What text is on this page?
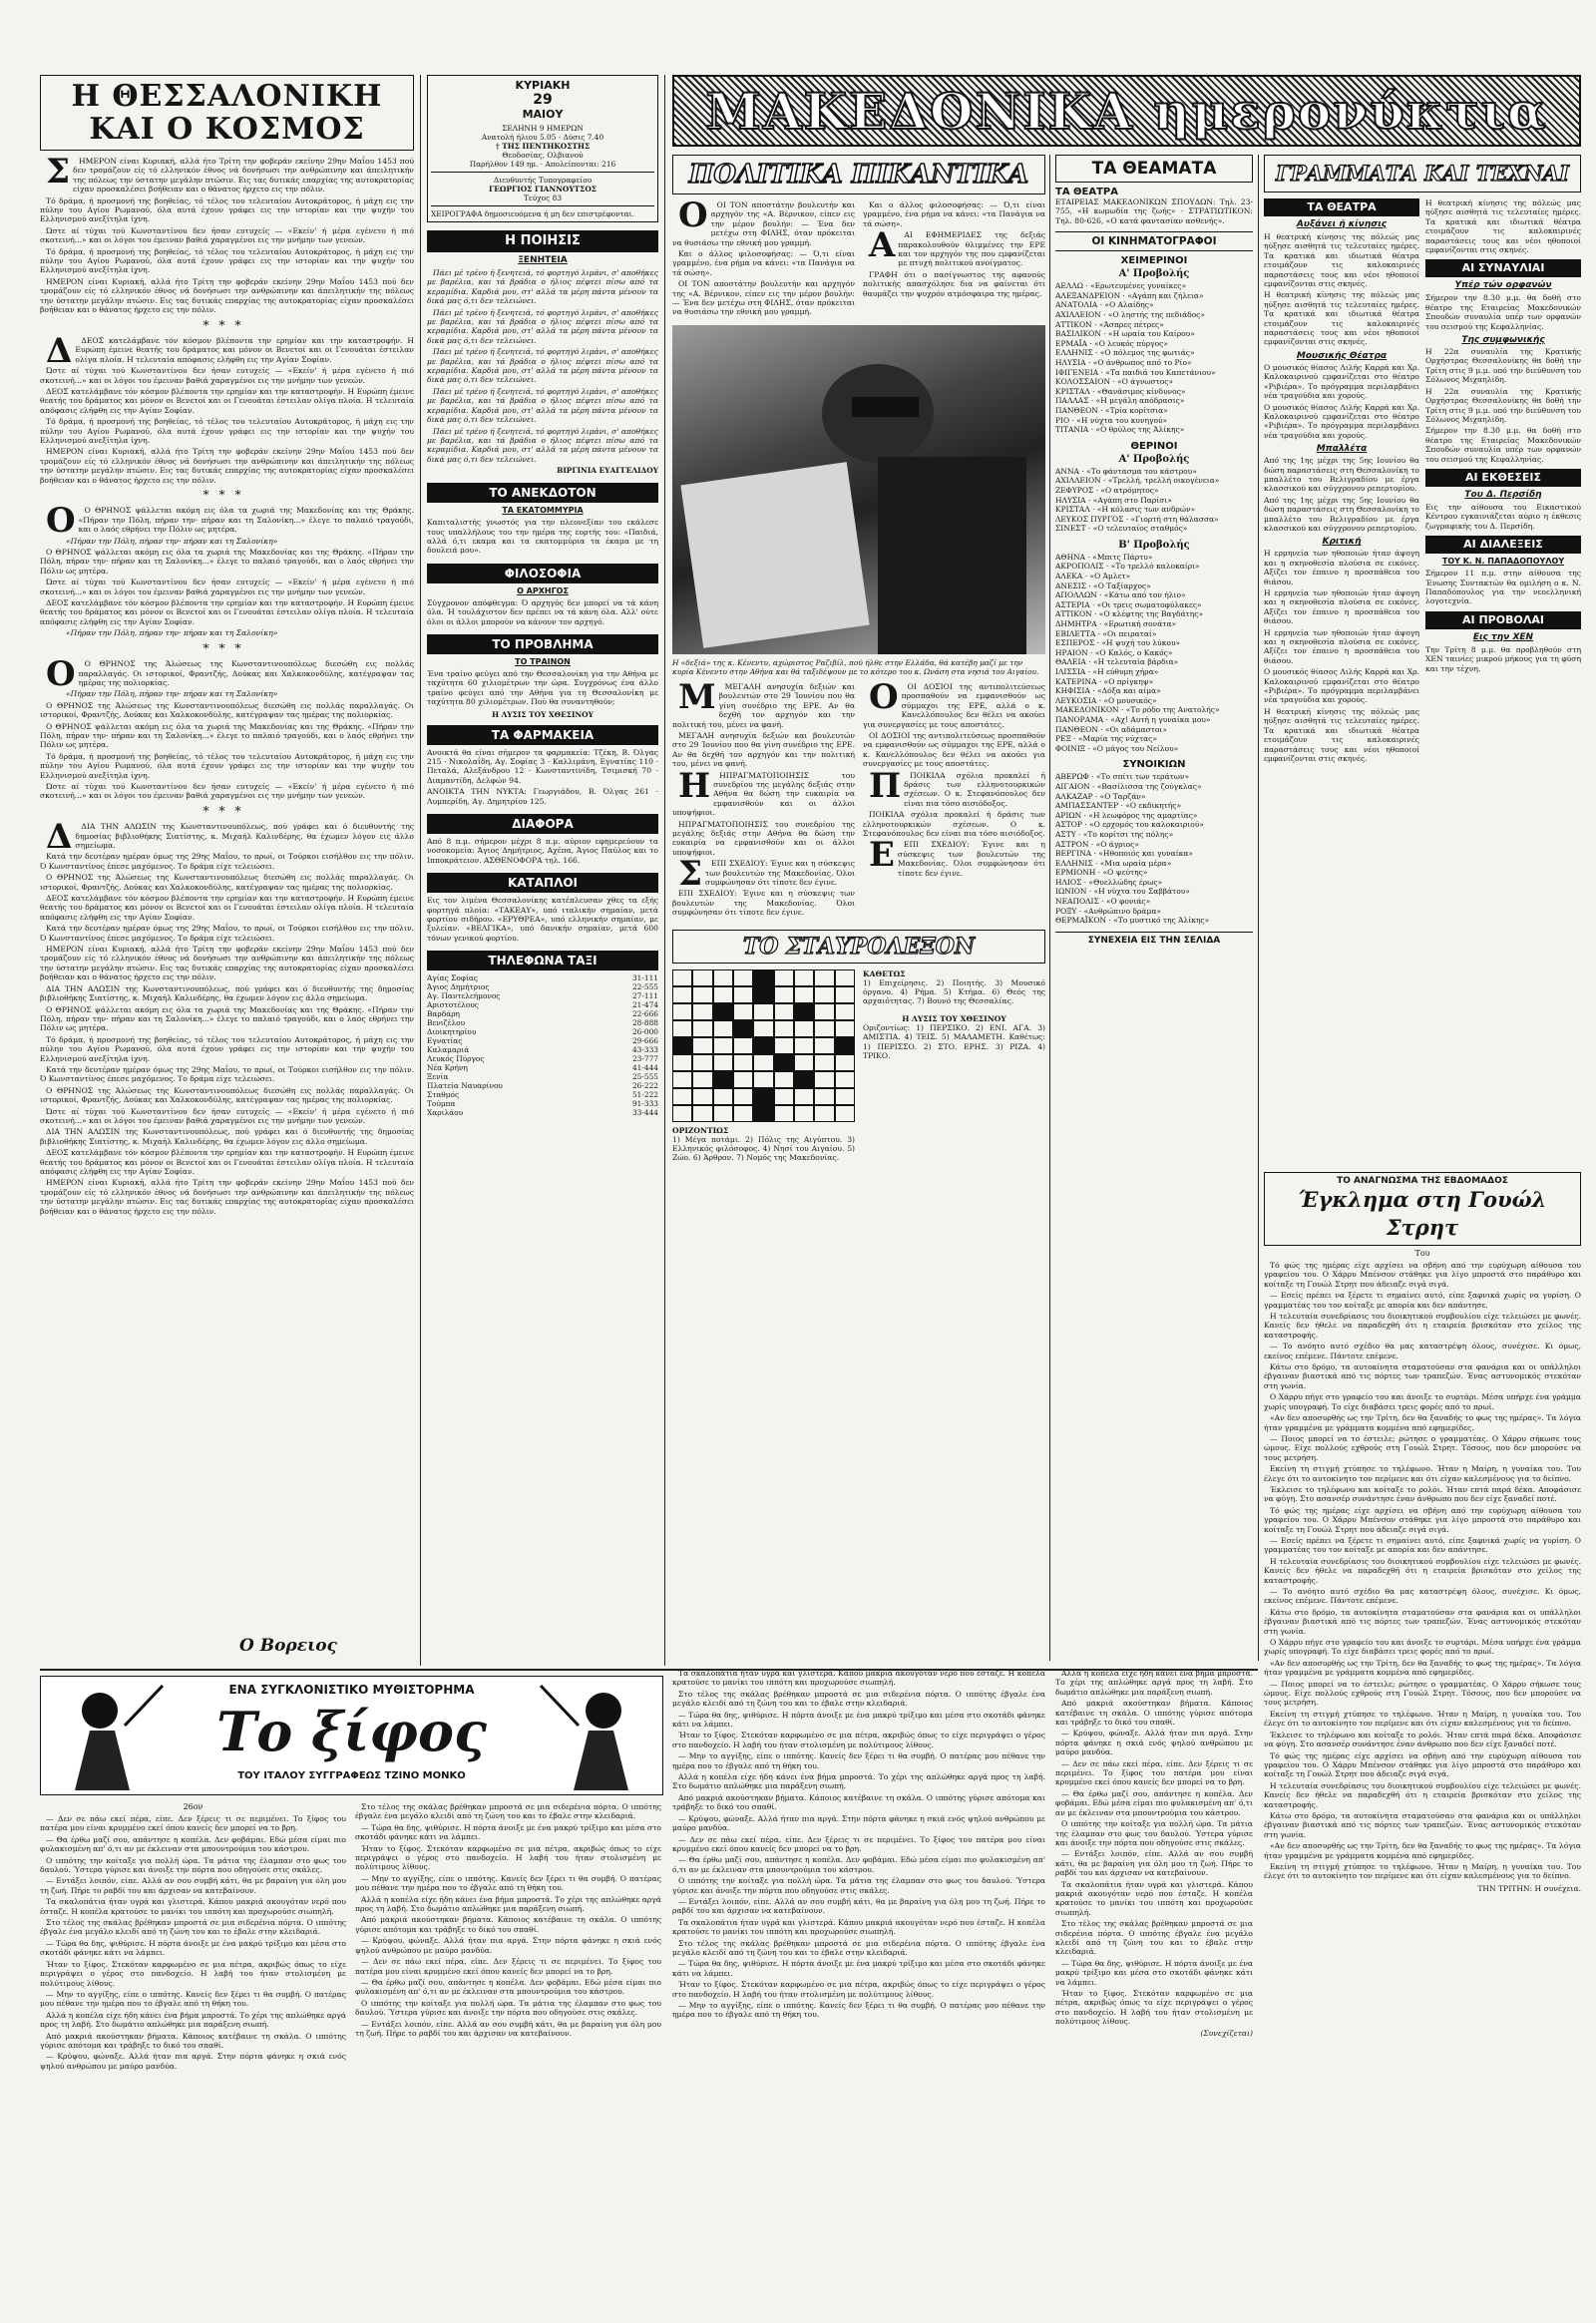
Η ΘΕΣΣΑΛΟΝΙΚΗ
ΚΑΙ Ο ΚΟΣΜΟΣ

Σ ΗΜΕΡΟΝ είναι Κυριακή, αλλά ήτο Τρίτη την φοβεράν εκείνην 29ην Μαΐου 1453 πού δεν τρομάζουν είς τό ελληνικόν έθνος νά δονήσωσι την ανθρώπινην και άπειλητικήν της πόλεως την ύστατην μεγάλην πτώσιν. Εις τας δυτικάς επαρχίας της αυτοκρατορίας είχαν προσκαλέσει βοήθειαν και ο θάνατος ήρχετο εις την πόλιν.

Τό δράμα, ή προσμονή της βοηθείας, τό τέλος του τελευταίου Αυτοκράτορος, ή μάχη εις την πύλην του Αγίου Ρωμανού, όλα αυτά έχουν γράφει εις την ιστορίαν και την ψυχήν του Ελληνισμού ανεξίτηλα ίχνη.

Ώστε αί τύχαι τού Κωνσταντίνου δεν ήσαν ευτυχείς — «Εκείν' ή μέρα εγένετο ή πιό σκοτεινή...» και οι λόγοι του έμειναν βαθιά χαραγμένοι εις την μνήμην των γενεών.

Τό δράμα, ή προσμονή της βοηθείας, τό τέλος του τελευταίου Αυτοκράτορος, ή μάχη εις την πύλην του Αγίου Ρωμανού, όλα αυτά έχουν γράφει εις την ιστορίαν και την ψυχήν του Ελληνισμού ανεξίτηλα ίχνη.

ΗΜΕΡΟΝ είναι Κυριακή, αλλά ήτο Τρίτη την φοβεράν εκείνην 29ην Μαΐου 1453 πού δεν τρομάζουν είς τό ελληνικόν έθνος νά δονήσωσι την ανθρώπινην και άπειλητικήν της πόλεως την ύστατην μεγάλην πτώσιν. Εις τας δυτικάς επαρχίας της αυτοκρατορίας είχαν προσκαλέσει βοήθειαν και ο θάνατος ήρχετο εις την πόλιν.

***

Δ ΔΕΟΣ κατελάμβανε τόν κόσμον βλέποντα την ερημίαν και την καταστροφήν. Η Ευρώπη έμεινε θεατής του δράματος και μόνον οι Βενετοί και οι Γενουάται έστειλαν ολίγα πλοία. Η τελευταία απόφασις ελήφθη εις την Αγίαν Σοφίαν.

Ώστε αί τύχαι τού Κωνσταντίνου δεν ήσαν ευτυχείς — «Εκείν' ή μέρα εγένετο ή πιό σκοτεινή...» και οι λόγοι του έμειναν βαθιά χαραγμένοι εις την μνήμην των γενεών.

ΔΕΟΣ κατελάμβανε τόν κόσμον βλέποντα την ερημίαν και την καταστροφήν. Η Ευρώπη έμεινε θεατής του δράματος και μόνον οι Βενετοί και οι Γενουάται έστειλαν ολίγα πλοία. Η τελευταία απόφασις ελήφθη εις την Αγίαν Σοφίαν.

Τό δράμα, ή προσμονή της βοηθείας, τό τέλος του τελευταίου Αυτοκράτορος, ή μάχη εις την πύλην του Αγίου Ρωμανού, όλα αυτά έχουν γράφει εις την ιστορίαν και την ψυχήν του Ελληνισμού ανεξίτηλα ίχνη.

ΗΜΕΡΟΝ είναι Κυριακή, αλλά ήτο Τρίτη την φοβεράν εκείνην 29ην Μαΐου 1453 πού δεν τρομάζουν είς τό ελληνικόν έθνος νά δονήσωσι την ανθρώπινην και άπειλητικήν της πόλεως την ύστατην μεγάλην πτώσιν. Εις τας δυτικάς επαρχίας της αυτοκρατορίας είχαν προσκαλέσει βοήθειαν και ο θάνατος ήρχετο εις την πόλιν.

***

Ο Ο ΘΡΗΝΟΣ ψάλλεται ακόμη εις όλα τα χωριά της Μακεδονίας και της Θράκης. «Πήραν την Πόλη, πήραν την· πήραν και τη Σαλονίκη...» έλεγε το παλαιό τραγούδι, και ο λαός εθρήνει την Πόλιν ως μητέρα.

«Πήραν την Πόλη, πήραν την· πήραν και τη Σαλονίκη»

Ο ΘΡΗΝΟΣ ψάλλεται ακόμη εις όλα τα χωριά της Μακεδονίας και της Θράκης. «Πήραν την Πόλη, πήραν την· πήραν και τη Σαλονίκη...» έλεγε το παλαιό τραγούδι, και ο λαός εθρήνει την Πόλιν ως μητέρα.

Ώστε αί τύχαι τού Κωνσταντίνου δεν ήσαν ευτυχείς — «Εκείν' ή μέρα εγένετο ή πιό σκοτεινή...» και οι λόγοι του έμειναν βαθιά χαραγμένοι εις την μνήμην των γενεών.

ΔΕΟΣ κατελάμβανε τόν κόσμον βλέποντα την ερημίαν και την καταστροφήν. Η Ευρώπη έμεινε θεατής του δράματος και μόνον οι Βενετοί και οι Γενουάται έστειλαν ολίγα πλοία. Η τελευταία απόφασις ελήφθη εις την Αγίαν Σοφίαν.

«Πήραν την Πόλη, πήραν την· πήραν και τη Σαλονίκη»

***

Ο Ο ΘΡΗΝΟΣ της Άλώσεως της Κωνσταντινουπόλεως διεσώθη εις πολλάς παραλλαγάς. Οι ιστορικοί, Φραντζής, Δούκας και Χαλκοκονδύλης, κατέγραψαν τας ημέρας της πολιορκίας.

«Πήραν την Πόλη, πήραν την· πήραν και τη Σαλονίκη»

Ο ΘΡΗΝΟΣ της Άλώσεως της Κωνσταντινουπόλεως διεσώθη εις πολλάς παραλλαγάς. Οι ιστορικοί, Φραντζής, Δούκας και Χαλκοκονδύλης, κατέγραψαν τας ημέρας της πολιορκίας.

Ο ΘΡΗΝΟΣ ψάλλεται ακόμη εις όλα τα χωριά της Μακεδονίας και της Θράκης. «Πήραν την Πόλη, πήραν την· πήραν και τη Σαλονίκη...» έλεγε το παλαιό τραγούδι, και ο λαός εθρήνει την Πόλιν ως μητέρα.

Τό δράμα, ή προσμονή της βοηθείας, τό τέλος του τελευταίου Αυτοκράτορος, ή μάχη εις την πύλην του Αγίου Ρωμανού, όλα αυτά έχουν γράφει εις την ιστορίαν και την ψυχήν του Ελληνισμού ανεξίτηλα ίχνη.

Ώστε αί τύχαι τού Κωνσταντίνου δεν ήσαν ευτυχείς — «Εκείν' ή μέρα εγένετο ή πιό σκοτεινή...» και οι λόγοι του έμειναν βαθιά χαραγμένοι εις την μνήμην των γενεών.

***

Δ ΔΙΑ ΤΗΝ ΑΛΩΣΙΝ της Κωνσταντινουπόλεως, πού γράφει και ό διευθυντής της δημοσίας βιβλιοθήκης Σιατίστης, κ. Μιχαήλ Καλινδέρης, θα έχωμεν λόγον εις άλλο σημείωμα.

Κατά την δευτέραν ημέραν όμως της 29ης Μαΐου, το πρωί, οι Τούρκοι εισήλθον εις την πόλιν. Ό Κωνσταντίνος έπεσε μαχόμενος. Το δράμα είχε τελειώσει.

Ο ΘΡΗΝΟΣ της Άλώσεως της Κωνσταντινουπόλεως διεσώθη εις πολλάς παραλλαγάς. Οι ιστορικοί, Φραντζής, Δούκας και Χαλκοκονδύλης, κατέγραψαν τας ημέρας της πολιορκίας.

ΔΕΟΣ κατελάμβανε τόν κόσμον βλέποντα την ερημίαν και την καταστροφήν. Η Ευρώπη έμεινε θεατής του δράματος και μόνον οι Βενετοί και οι Γενουάται έστειλαν ολίγα πλοία. Η τελευταία απόφασις ελήφθη εις την Αγίαν Σοφίαν.

Κατά την δευτέραν ημέραν όμως της 29ης Μαΐου, το πρωί, οι Τούρκοι εισήλθον εις την πόλιν. Ό Κωνσταντίνος έπεσε μαχόμενος. Το δράμα είχε τελειώσει.

ΗΜΕΡΟΝ είναι Κυριακή, αλλά ήτο Τρίτη την φοβεράν εκείνην 29ην Μαΐου 1453 πού δεν τρομάζουν είς τό ελληνικόν έθνος νά δονήσωσι την ανθρώπινην και άπειλητικήν της πόλεως την ύστατην μεγάλην πτώσιν. Εις τας δυτικάς επαρχίας της αυτοκρατορίας είχαν προσκαλέσει βοήθειαν και ο θάνατος ήρχετο εις την πόλιν.

ΔΙΑ ΤΗΝ ΑΛΩΣΙΝ της Κωνσταντινουπόλεως, πού γράφει και ό διευθυντής της δημοσίας βιβλιοθήκης Σιατίστης, κ. Μιχαήλ Καλινδέρης, θα έχωμεν λόγον εις άλλο σημείωμα.

Ο ΘΡΗΝΟΣ ψάλλεται ακόμη εις όλα τα χωριά της Μακεδονίας και της Θράκης. «Πήραν την Πόλη, πήραν την· πήραν και τη Σαλονίκη...» έλεγε το παλαιό τραγούδι, και ο λαός εθρήνει την Πόλιν ως μητέρα.

Τό δράμα, ή προσμονή της βοηθείας, τό τέλος του τελευταίου Αυτοκράτορος, ή μάχη εις την πύλην του Αγίου Ρωμανού, όλα αυτά έχουν γράφει εις την ιστορίαν και την ψυχήν του Ελληνισμού ανεξίτηλα ίχνη.

Κατά την δευτέραν ημέραν όμως της 29ης Μαΐου, το πρωί, οι Τούρκοι εισήλθον εις την πόλιν. Ό Κωνσταντίνος έπεσε μαχόμενος. Το δράμα είχε τελειώσει.

Ο ΘΡΗΝΟΣ της Άλώσεως της Κωνσταντινουπόλεως διεσώθη εις πολλάς παραλλαγάς. Οι ιστορικοί, Φραντζής, Δούκας και Χαλκοκονδύλης, κατέγραψαν τας ημέρας της πολιορκίας.

Ώστε αί τύχαι τού Κωνσταντίνου δεν ήσαν ευτυχείς — «Εκείν' ή μέρα εγένετο ή πιό σκοτεινή...» και οι λόγοι του έμειναν βαθιά χαραγμένοι εις την μνήμην των γενεών.

ΔΙΑ ΤΗΝ ΑΛΩΣΙΝ της Κωνσταντινουπόλεως, πού γράφει και ό διευθυντής της δημοσίας βιβλιοθήκης Σιατίστης, κ. Μιχαήλ Καλινδέρης, θα έχωμεν λόγον εις άλλο σημείωμα.

ΔΕΟΣ κατελάμβανε τόν κόσμον βλέποντα την ερημίαν και την καταστροφήν. Η Ευρώπη έμεινε θεατής του δράματος και μόνον οι Βενετοί και οι Γενουάται έστειλαν ολίγα πλοία. Η τελευταία απόφασις ελήφθη εις την Αγίαν Σοφίαν.

ΗΜΕΡΟΝ είναι Κυριακή, αλλά ήτο Τρίτη την φοβεράν εκείνην 29ην Μαΐου 1453 πού δεν τρομάζουν είς τό ελληνικόν έθνος νά δονήσωσι την ανθρώπινην και άπειλητικήν της πόλεως την ύστατην μεγάλην πτώσιν. Εις τας δυτικάς επαρχίας της αυτοκρατορίας είχαν προσκαλέσει βοήθειαν και ο θάνατος ήρχετο εις την πόλιν.

Ο Βορειος
ΚΥΡΙΑΚΗ
29
ΜΑΙΟΥ
ΣΕΛΗΝΗ 9 ΗΜΕΡΩΝ
Ανατολή ήλιου 5.05 · Δύσις 7.40
† ΤΗΣ ΠΕΝΤΗΚΟΣΤΗΣ
Θεοδοσίας, Ολβιανού
Παρήλθον 149 ημ. · Απολείπονται: 216
Διευθυντής Τυπογραφείου
ΓΕΩΡΓΙΟΣ ΓΙΑΝΝΟΥΤΣΟΣ
Τεύχος 83
ΧΕΙΡΟΓΡΑΦΑ δημοσιευόμενα ή μη δεν επιστρέφονται.
Η ΠΟΙΗΣΙΣ
ΞΕΝΗΤΕΙΑ

Πάει μέ τρένο ή ξενητειά, τό φορτηγό λιμάνι, σ' αποθήκες με βαρέλια, και τά βράδια ο ήλιος πέφτει πίσω από τα κεραμίδια. Καρδιά μου, στ' αλλά τα μέρη πάντα μένουν τα δικά μας ό,τι δεν τελειώνει.

Πάει μέ τρένο ή ξενητειά, τό φορτηγό λιμάνι, σ' αποθήκες με βαρέλια, και τά βράδια ο ήλιος πέφτει πίσω από τα κεραμίδια. Καρδιά μου, στ' αλλά τα μέρη πάντα μένουν τα δικά μας ό,τι δεν τελειώνει.

Πάει μέ τρένο ή ξενητειά, τό φορτηγό λιμάνι, σ' αποθήκες με βαρέλια, και τά βράδια ο ήλιος πέφτει πίσω από τα κεραμίδια. Καρδιά μου, στ' αλλά τα μέρη πάντα μένουν τα δικά μας ό,τι δεν τελειώνει.

Πάει μέ τρένο ή ξενητειά, τό φορτηγό λιμάνι, σ' αποθήκες με βαρέλια, και τά βράδια ο ήλιος πέφτει πίσω από τα κεραμίδια. Καρδιά μου, στ' αλλά τα μέρη πάντα μένουν τα δικά μας ό,τι δεν τελειώνει.

Πάει μέ τρένο ή ξενητειά, τό φορτηγό λιμάνι, σ' αποθήκες με βαρέλια, και τά βράδια ο ήλιος πέφτει πίσω από τα κεραμίδια. Καρδιά μου, στ' αλλά τα μέρη πάντα μένουν τα δικά μας ό,τι δεν τελειώνει.

ΒΙΡΓΙΝΙΑ ΕΥΑΓΓΕΛΙΔΟΥ
ΤΟ ΑΝΕΚΔΟΤΟΝ
ΤΑ ΕΚΑΤΟΜΜΥΡΙΑ
Καπιταλιστής γνωστός για την πλεονεξίαν του εκάλεσε τους υπαλλήλους του την ημέρα της εορτής του: «Παιδιά, αλλά ό,τι εκαμα και τα εκατομμύρια τα έκαμα με τη δουλειά μου».
ΦΙΛΟΣΟΦΙΑ
Ο ΑΡΧΗΓΟΣ
Σύγχρονον απόφθεγμα: Ό αρχηγός δεν μπορεί να τά κάνη όλα. Ή τουλάχιστον δεν πρέπει να τά κάνη όλα. Αλλ' ούτε όλοι οι άλλοι μπορούν να κάνουν τον αρχηγό.
ΤΟ ΠΡΟΒΛΗΜΑ
ΤΟ ΤΡΑΙΝΟΝ
Ένα τραίνο φεύγει από την Θεσσαλονίκη για την Αθήνα με ταχύτητα 60 χιλιομέτρων την ώρα. Συγχρόνως ένα άλλο τραίνο φεύγει από την Αθήνα για τη Θεσσαλονίκη με ταχύτητα 80 χιλιομέτρων. Πού θα συναντηθούν;
Η ΛΥΣΙΣ ΤΟΥ ΧΘΕΣΙΝΟΥ
ΤΑ ΦΑΡΜΑΚΕΙΑ
Ανοικτά θα είναι σήμερον τα φαρμακεία: Τζέκη, Β. Όλγας 215 · Νικολαΐδη, Αγ. Σοφίας 3 · Καλλιμάνη, Εγνατίας 110 · Πεταλά, Αλεξάνδρου 12 · Κωνσταντινίδη, Τσιμισκή 70 · Διαμαντίδη, Δελφών 94.
ΑΝΟΙΚΤΑ ΤΗΝ ΝΥΚΤΑ: Γεωργιάδου, Β. Όλγας 261 · Λυμπερίδη, Αγ. Δημητρίου 125.
ΔΙΑΦΟΡΑ
Από 8 π.μ. σήμερον μέχρι 8 π.μ. αύριον εφημερεύουν τα νοσοκομεία: Άγιος Δημήτριος, Αχέπα, Άγιος Παύλος και το Ιπποκράτειον. ΑΣΘΕΝΟΦΟΡΑ τηλ. 166.
ΚΑΤΑΠΛΟΙ
Εις τον λιμένα Θεσσαλονίκης κατέπλευσαν χθες τα εξής φορτηγά πλοία: «ΤΑΚΕΑΥ», υπό ιταλικήν σημαίαν, μετά φορτίου σιδήρου. «ΕΡΥΘΡΕΑ», υπό ελληνικήν σημαίαν, με ξυλείαν. «ΒΕΛΓΙΚΑ», υπό δανικήν σημαίαν, μετά 600 τόνων γενικού φορτίου.
ΤΗΛΕΦΩΝΑ ΤΑΞΙ
Αγίας Σοφίας	31-111
Άγιος Δημήτριος	22-555
Αγ. Παντελεήμονος	27-111
Αριστοτέλους	21-474
Βαρδάρη	22-666
Βενιζέλου	28-888
Διοικητηρίου	26-000
Εγνατίας	29-666
Καλαμαριά	43-333
Λευκός Πύργος	23-777
Νέα Κρήνη	41-444
Ξενία	25-555
Πλατεία Ναυαρίνου	26-222
Σταθμός	51-222
Τούμπα	91-333
Χαριλάου	33-444
ΜΑΚΕΔΟΝΙΚΑ ημερονύκτια
ΠΟΛΙΤΙΚΑ ΠΙΚΑΝΤΙΚΑ

Ο ΟΙ ΤΟΝ αποστάτην βουλευτήν και αρχηγόν της «Α. Βέρνικον, είπεν εις την μέρον βουλήν: — Ένα δεν μετέχω στη ΦΙΛΗΣ, όταν πρόκειται να θυσιάσω την εθνική μου γραμμή.

Και ο άλλος φιλοσοφήσας: — Ό,τι είναι γραμμένο, ένα ρήμα να κάνει: «τα Πανάγια να τά σώση».

ΟΙ ΤΟΝ αποστάτην βουλευτήν και αρχηγόν της «Α. Βέρνικον, είπεν εις την μέρον βουλήν: — Ένα δεν μετέχω στη ΦΙΛΗΣ, όταν πρόκειται να θυσιάσω την εθνική μου γραμμή.

Και ο άλλος φιλοσοφήσας: — Ό,τι είναι γραμμένο, ένα ρήμα να κάνει: «τα Πανάγια να τά σώση».

Α ΑΙ ΕΦΗΜΕΡΙΔΕΣ της δεξιάς παρακολουθούν θλιμμένες την ΕΡΕ και τον αρχηγόν της που εμφανίζεται με πτυχή πολιτικού ανοίγματος.

ΓΡΑΦΗ ότι ο πασίγνωστος της αφανούς πολιτικής απασχόλησε δια να φαίνεται ότι θαυμάζει την ψυχρόν ατμόσφαιρα της ημέρας.

Η «δεξιά» της κ. Κένεντυ, αχώριστος Ραζιβίλ, πού ήλθε στην Ελλάδα, θά κατέβη μαζί με την κυρία Κένεντυ στην Αθήνα και θά ταξιδέψουν με το κότερο του κ. Ωνάση στα νησιά του Αιγαίου.

Μ ΜΕΓΑΛΗ ανησυχία δεξιών και βουλευτών στο 29 Ίουνίου που θα γίνη συνέδριο της ΕΡΕ. Αν θα δεχθή τον αρχηγόν και την πολιτική του, μένει να φανή.

ΜΕΓΑΛΗ ανησυχία δεξιών και βουλευτών στο 29 Ίουνίου που θα γίνη συνέδριο της ΕΡΕ. Αν θα δεχθή τον αρχηγόν και την πολιτική του, μένει να φανή.

Η ΗΠΡΑΓΜΑΤΟΠΟΙΗΣΙΣ του συνεδρίου της μεγάλης δεξιάς στην Αθήνα θα δώση την ευκαιρία να εμφανισθούν και οι άλλοι υποψήφιοι.

ΗΠΡΑΓΜΑΤΟΠΟΙΗΣΙΣ του συνεδρίου της μεγάλης δεξιάς στην Αθήνα θα δώση την ευκαιρία να εμφανισθούν και οι άλλοι υποψήφιοι.

Σ ΕΠΙ ΣΧΕΔΙΟΥ: Έγινε και η σύσκεψις των βουλευτών της Μακεδονίας. Όλοι συμφώνησαν ότι τίποτε δεν έγινε.

ΕΠΙ ΣΧΕΔΙΟΥ: Έγινε και η σύσκεψις των βουλευτών της Μακεδονίας. Όλοι συμφώνησαν ότι τίποτε δεν έγινε.

Ο ΟΙ ΔΟΣΙΟΙ της αντιπολιτεύσεως προσπαθούν να εμφανισθούν ως σύμμαχοι της ΕΡΕ, αλλά ο κ. Κανελλόπουλος δεν θέλει να ακούει για συνεργασίες με τους αποστάτες.

ΟΙ ΔΟΣΙΟΙ της αντιπολιτεύσεως προσπαθούν να εμφανισθούν ως σύμμαχοι της ΕΡΕ, αλλά ο κ. Κανελλόπουλος δεν θέλει να ακούει για συνεργασίες με τους αποστάτες.

Π ΠΟΙΚΙΛΑ σχόλια προκαλεί ή δράσις των ελληνοτουρκικών σχέσεων. Ο κ. Στεφανόπουλος δεν είναι πια τόσο αισιόδοξος.

ΠΟΙΚΙΛΑ σχόλια προκαλεί ή δράσις των ελληνοτουρκικών σχέσεων. Ο κ. Στεφανόπουλος δεν είναι πια τόσο αισιόδοξος.

Ε ΕΠΙ ΣΧΕΔΙΟΥ: Έγινε και η σύσκεψις των βουλευτών της Μακεδονίας. Όλοι συμφώνησαν ότι τίποτε δεν έγινε.

ΤΟ ΣΤΑΥΡΟΛΕΞΟΝ
ΟΡΙΖΟΝΤΙΩΣ
1) Μέγα ποτάμι. 2) Πόλις της Αιγύπτου. 3) Ελληνικός φιλόσοφος. 4) Νησί του Αιγαίου. 5) Ζώο. 6) Άρθρον. 7) Νομός της Μακεδονίας.
ΚΑΘΕΤΩΣ
1) Επιχείρησις. 2) Ποιητής. 3) Μουσικό όργανο. 4) Ρήμα. 5) Κτήμα. 6) Θεός της αρχαιότητας. 7) Βουνό της Θεσσαλίας.
Η ΛΥΣΙΣ ΤΟΥ ΧΘΕΣΙΝΟΥ
Οριζοντίως: 1) ΠΕΡΣΙΚΟ. 2) ΕΝΙ. ΑΓΑ. 3) ΑΜΙΣΤΙΑ. 4) ΤΕΙΣ. 5) ΜΑΛΑΜΕΤΗ. Καθέτως: 1) ΠΕΡΙΣΣΟ. 2) ΣΤΟ. ΕΡΗΣ. 3) ΡΙΖΑ. 4) ΤΡΙΚΟ.
ΤΑ ΘΕΑΜΑΤΑ
ΤΑ ΘΕΑΤΡΑ
ΕΤΑΙΡΕΙΑΣ ΜΑΚΕΔΟΝΙΚΩΝ ΣΠΟΥΔΩΝ: Τηλ. 23-755, «Η κωμωδία της ζωής» · ΣΤΡΑΤΙΩΤΙΚΟΝ: Τηλ. 80-626, «Ο κατά φαντασίαν ασθενής».
ΟΙ ΚΙΝΗΜΑΤΟΓΡΑΦΟΙ
ΧΕΙΜΕΡΙΝΟΙ
Α' Προβολής
ΑΕΛΛΩ · «Ερωτευμένες γυναίκες»
ΑΛΕΞΑΝΔΡΕΙΟΝ · «Αγάπη και ζήλεια»
ΑΝΑΤΟΛΙΑ · «Ο Αλαίδης»
ΑΧΙΛΛΕΙΟΝ · «Ο ληστής της πεδιάδος»
ΑΤΤΙΚΟΝ · «Άσπρες πέτρες»
ΒΑΣΙΛΙΚΟΝ · «Η ωραία του Καίρου»
ΕΡΜΑΪΑ · «Ο λευκός πύργος»
ΕΛΛΗΝΙΣ · «Ο πόλεμος της φωτιάς»
ΗΛΥΣΙΑ · «Ο άνθρωπος από το Ρίο»
ΙΦΙΓΕΝΕΙΑ · «Τα παιδιά του Καπετάνιου»
ΚΟΛΟΣΣΑΙΟΝ · «Ο άγνωστος»
ΚΡΙΣΤΑΛ · «Θανάσιμος κίνδυνος»
ΠΑΛΛΑΣ · «Η μεγάλη απόδρασις»
ΠΑΝΘΕΟΝ · «Τρία κορίτσια»
ΡΙΟ · «Η νύχτα του κυνηγού»
ΤΙΤΑΝΙΑ · «Ο θρύλος της Άλίκης»
ΘΕΡΙΝΟΙ
Α' Προβολής
ΑΝΝΑ · «Το φάντασμα του κάστρου»
ΑΧΙΛΛΕΙΟΝ · «Τρελλή, τρελλή οικογένεια»
ΖΕΦΥΡΟΣ · «Ο ατρόμητος»
ΗΛΥΣΙΑ · «Αγάπη στο Παρίσι»
ΚΡΙΣΤΑΛ · «Η κόλασις των ανδρών»
ΛΕΥΚΟΣ ΠΥΡΓΟΣ · «Γιορτή στη θάλασσα»
ΣΙΝΕΣΤ · «Ο τελευταίος σταθμός»
Β' Προβολής
ΑΘΗΝΑ · «Μπιτς Πάρτυ»
ΑΚΡΟΠΟΛΙΣ · «Το τρελλό καλοκαίρι»
ΑΛΕΚΑ · «Ο Άμλετ»
ΑΝΕΣΙΣ · «Ο Ταξίαρχος»
ΑΠΟΛΛΩΝ · «Κάτω από τον ήλιο»
ΑΣΤΕΡΙΑ · «Οι τρεις σωματοφύλακες»
ΑΤΤΙΚΟΝ · «Ο κλέφτης της Βαγδάτης»
ΔΗΜΗΤΡΑ · «Ερωτική σονάτα»
ΕΒΙΛΕΤΤΑ · «Οι πειραταί»
ΕΣΠΕΡΟΣ · «Η ψυχή του λύκου»
ΗΡΑΙΟΝ · «Ο Καλός, ο Κακός»
ΘΑΛΕΙΑ · «Η τελευταία βάρδια»
ΙΛΙΣΣΙΑ · «Η εύθυμη χήρα»
ΚΑΤΕΡΙΝΑ · «Ο πρίγκηψ»
ΚΗΦΙΣΙΑ · «Δόξα και αίμα»
ΛΕΥΚΟΣΙΑ · «Ο μουσικός»
ΜΑΚΕΔΟΝΙΚΟΝ · «Το ρόδο της Ανατολής»
ΠΑΝΟΡΑΜΑ · «Αχ! Αυτή η γυναίκα μου»
ΠΑΝΘΕΟΝ · «Οι αδάμαστοι»
ΡΕΞ · «Μαρία της νύχτας»
ΦΟΙΝΙΞ · «Ο μάγος του Νείλου»
ΣΥΝΟΙΚΙΩΝ
ΑΒΕΡΩΦ · «Το σπίτι των τεράτων»
ΑΙΓΑΙΟΝ · «Βασίλισσα της ζούγκλας»
ΑΛΚΑΖΑΡ · «Ο Ταρζάν»
ΑΜΠΑΣΣΑΝΤΕΡ · «Ο εκδικητής»
ΑΡΙΩΝ · «Η λεωφόρος της αμαρτίας»
ΑΣΤΟΡ · «Ο ερχομός του καλοκαιριού»
ΑΣΤΥ · «Το κορίτσι της πόλης»
ΑΣΤΡΟΝ · «Ο άγριος»
ΒΕΡΓΙΝΑ · «Ηθοποιός και γυναίκα»
ΕΛΛΗΝΙΣ · «Μια ωραία μέρα»
ΕΡΜΙΟΝΗ · «Ο ψεύτης»
ΗΛΙΟΣ · «Θυελλώδης έρως»
ΙΩΝΙΟΝ · «Η νύχτα του Σαββάτου»
ΝΕΑΠΟΛΙΣ · «Ο φονιάς»
ΡΟΞΥ · «Ανθρώπινο δράμα»
ΘΕΡΜΑΪΚΟΝ · «Το μυστικό της Άλίκης»
ΣΥΝΕΧΕΙΑ ΕΙΣ ΤΗΝ ΣΕΛΙΔΑ
ΓΡΑΜΜΑΤΑ ΚΑΙ ΤΕΧΝΑΙ
ΤΑ ΘΕΑΤΡΑ
Αυξάνει ή κίνησις
Η θεατρική κίνησις της πόλεώς μας ηύξησε αισθητά τις τελευταίες ημέρες. Τα κρατικά και ιδιωτικά θέατρα ετοιμάζουν τις καλοκαιρινές παραστάσεις τους και νέοι ηθοποιοί εμφανίζονται στις σκηνές.
Η θεατρική κίνησις της πόλεώς μας ηύξησε αισθητά τις τελευταίες ημέρες. Τα κρατικά και ιδιωτικά θέατρα ετοιμάζουν τις καλοκαιρινές παραστάσεις τους και νέοι ηθοποιοί εμφανίζονται στις σκηνές.
Μουσικής Θέατρα
Ο μουσικός θίασος Λιλής Καρρά και Χρ. Καλοκαιρινού εμφανίζεται στο θέατρο «Ριβιέρα». Το πρόγραμμα περιλαμβάνει νέα τραγούδια και χορούς.
Ο μουσικός θίασος Λιλής Καρρά και Χρ. Καλοκαιρινού εμφανίζεται στο θέατρο «Ριβιέρα». Το πρόγραμμα περιλαμβάνει νέα τραγούδια και χορούς.
Μπαλλέτα
Από της 1ης μέχρι της 5ης Ιουνίου θα δώση παραστάσεις στη Θεσσαλονίκη το μπαλλέτο του Βελιγραδίου με έργα κλασσικού και σύγχρονου ρεπερτορίου.
Από της 1ης μέχρι της 5ης Ιουνίου θα δώση παραστάσεις στη Θεσσαλονίκη το μπαλλέτο του Βελιγραδίου με έργα κλασσικού και σύγχρονου ρεπερτορίου.
Κριτική
Η ερμηνεία των ηθοποιών ήταν άψογη και η σκηνοθεσία πλούσια σε εικόνες. Αξίζει τον έπαινο η προσπάθεια του θιάσου.
Η ερμηνεία των ηθοποιών ήταν άψογη και η σκηνοθεσία πλούσια σε εικόνες. Αξίζει τον έπαινο η προσπάθεια του θιάσου.
Η ερμηνεία των ηθοποιών ήταν άψογη και η σκηνοθεσία πλούσια σε εικόνες. Αξίζει τον έπαινο η προσπάθεια του θιάσου.
Ο μουσικός θίασος Λιλής Καρρά και Χρ. Καλοκαιρινού εμφανίζεται στο θέατρο «Ριβιέρα». Το πρόγραμμα περιλαμβάνει νέα τραγούδια και χορούς.
Η θεατρική κίνησις της πόλεώς μας ηύξησε αισθητά τις τελευταίες ημέρες. Τα κρατικά και ιδιωτικά θέατρα ετοιμάζουν τις καλοκαιρινές παραστάσεις τους και νέοι ηθοποιοί εμφανίζονται στις σκηνές.
Η θεατρική κίνησις της πόλεώς μας ηύξησε αισθητά τις τελευταίες ημέρες. Τα κρατικά και ιδιωτικά θέατρα ετοιμάζουν τις καλοκαιρινές παραστάσεις τους και νέοι ηθοποιοί εμφανίζονται στις σκηνές.
ΑΙ ΣΥΝΑΥΛΙΑΙ
Υπέρ τών ορφανών
Σήμερον την 8.30 μ.μ. θα δοθή στο θέατρο της Εταιρείας Μακεδονικών Σπουδών συναυλία υπέρ των ορφανών του σεισμού της Κεφαλληνίας.
Της συμφωνικής
Η 22α συναυλία της Κρατικής Ορχήστρας Θεσσαλονίκης θα δοθή την Τρίτη στις 9 μ.μ. υπό την διεύθυνση του Σόλωνος Μιχαηλίδη.
Η 22α συναυλία της Κρατικής Ορχήστρας Θεσσαλονίκης θα δοθή την Τρίτη στις 9 μ.μ. υπό την διεύθυνση του Σόλωνος Μιχαηλίδη.
Σήμερον την 8.30 μ.μ. θα δοθή στο θέατρο της Εταιρείας Μακεδονικών Σπουδών συναυλία υπέρ των ορφανών του σεισμού της Κεφαλληνίας.
ΑΙ ΕΚΘΕΣΕΙΣ
Του Δ. Περσίδη
Εις την αίθουσα του Εικαστικού Κέντρου εγκαινιάζεται αύριο η έκθεσις ζωγραφικής του Δ. Περσίδη.
ΑΙ ΔΙΑΛΕΞΕΙΣ
ΤΟΥ Κ. Ν. ΠΑΠΑΔΟΠΟΥΛΟΥ
Σήμερον 11 π.μ. στην αίθουσα της Ένωσης Συντακτών θα ομιλήση ο κ. Ν. Παπαδόπουλος για την νεοελληνική λογοτεχνία.
ΑΙ ΠΡΟΒΟΛΑΙ
Εις την ΧΕΝ
Την Τρίτη 8 μ.μ. θα προβληθούν στη ΧΕΝ ταινίες μικρού μήκους για τη φύση και την τέχνη.
ΤΟ ΑΝΑΓΝΩΣΜΑ ΤΗΣ ΕΒΔΟΜΑΔΟΣ
Έγκλημα στη Γουώλ Στρητ
Του

Τό φώς της ημέρας είχε αρχίσει να σβήνη από την ευρύχωρη αίθουσα του γραφείου του. Ο Χάρρυ Μπένσον στάθηκε για λίγο μπροστά στο παράθυρο και κοίταξε τη Γουώλ Στρητ που άδειαζε σιγά σιγά.

— Εσείς πρέπει να ξέρετε τι σημαίνει αυτό, είπε ξαφνικά χωρίς να γυρίση. Ο γραμματέας του τον κοίταξε με απορία και δεν απάντησε.

Η τελευταία συνεδρίασις του διοικητικού συμβουλίου είχε τελειώσει με φωνές. Κανείς δεν ήθελε να παραδεχθή ότι η εταιρεία βρισκόταν στο χείλος της καταστροφής.

— Το ανόητο αυτό σχέδιο θα μας καταστρέψη όλους, συνέχισε. Κι όμως, εκείνος επέμενε. Πάντοτε επέμενε.

Κάτω στο δρόμο, τα αυτοκίνητα σταματούσαν στα φανάρια και οι υπάλληλοι έβγαιναν βιαστικά από τις πόρτες των τραπεζών. Ένας αστυνομικός στεκόταν στη γωνία.

Ο Χάρρυ πήγε στο γραφείο του και άνοιξε το συρτάρι. Μέσα υπήρχε ένα γράμμα χωρίς υπογραφή. Το είχε διαβάσει τρεις φορές από το πρωί.

«Αν δεν αποσυρθής ως την Τρίτη, δεν θα ξαναδής το φως της ημέρας». Τα λόγια ήταν γραμμένα με γράμματα κομμένα από εφημερίδες.

— Ποιος μπορεί να το έστειλε; ρώτησε ο γραμματέας. Ο Χάρρυ σήκωσε τους ώμους. Είχε πολλούς εχθρούς στη Γουώλ Στρητ. Τόσους, που δεν μπορούσε να τους μετρήση.

Εκείνη τη στιγμή χτύπησε το τηλέφωνο. Ήταν η Μαίρη, η γυναίκα του. Του έλεγε ότι το αυτοκίνητο τον περίμενε και ότι είχαν καλεσμένους για το δείπνο.

Έκλεισε το τηλέφωνο και κοίταξε το ρολόι. Ήταν επτά παρά δέκα. Αποφάσισε να φύγη. Στο ασανσέρ συνάντησε έναν άνθρωπο που δεν είχε ξαναδεί ποτέ.

Τό φώς της ημέρας είχε αρχίσει να σβήνη από την ευρύχωρη αίθουσα του γραφείου του. Ο Χάρρυ Μπένσον στάθηκε για λίγο μπροστά στο παράθυρο και κοίταξε τη Γουώλ Στρητ που άδειαζε σιγά σιγά.

— Εσείς πρέπει να ξέρετε τι σημαίνει αυτό, είπε ξαφνικά χωρίς να γυρίση. Ο γραμματέας του τον κοίταξε με απορία και δεν απάντησε.

Η τελευταία συνεδρίασις του διοικητικού συμβουλίου είχε τελειώσει με φωνές. Κανείς δεν ήθελε να παραδεχθή ότι η εταιρεία βρισκόταν στο χείλος της καταστροφής.

— Το ανόητο αυτό σχέδιο θα μας καταστρέψη όλους, συνέχισε. Κι όμως, εκείνος επέμενε. Πάντοτε επέμενε.

Κάτω στο δρόμο, τα αυτοκίνητα σταματούσαν στα φανάρια και οι υπάλληλοι έβγαιναν βιαστικά από τις πόρτες των τραπεζών. Ένας αστυνομικός στεκόταν στη γωνία.

Ο Χάρρυ πήγε στο γραφείο του και άνοιξε το συρτάρι. Μέσα υπήρχε ένα γράμμα χωρίς υπογραφή. Το είχε διαβάσει τρεις φορές από το πρωί.

«Αν δεν αποσυρθής ως την Τρίτη, δεν θα ξαναδής το φως της ημέρας». Τα λόγια ήταν γραμμένα με γράμματα κομμένα από εφημερίδες.

— Ποιος μπορεί να το έστειλε; ρώτησε ο γραμματέας. Ο Χάρρυ σήκωσε τους ώμους. Είχε πολλούς εχθρούς στη Γουώλ Στρητ. Τόσους, που δεν μπορούσε να τους μετρήση.

Εκείνη τη στιγμή χτύπησε το τηλέφωνο. Ήταν η Μαίρη, η γυναίκα του. Του έλεγε ότι το αυτοκίνητο τον περίμενε και ότι είχαν καλεσμένους για το δείπνο.

Έκλεισε το τηλέφωνο και κοίταξε το ρολόι. Ήταν επτά παρά δέκα. Αποφάσισε να φύγη. Στο ασανσέρ συνάντησε έναν άνθρωπο που δεν είχε ξαναδεί ποτέ.

Τό φώς της ημέρας είχε αρχίσει να σβήνη από την ευρύχωρη αίθουσα του γραφείου του. Ο Χάρρυ Μπένσον στάθηκε για λίγο μπροστά στο παράθυρο και κοίταξε τη Γουώλ Στρητ που άδειαζε σιγά σιγά.

Η τελευταία συνεδρίασις του διοικητικού συμβουλίου είχε τελειώσει με φωνές. Κανείς δεν ήθελε να παραδεχθή ότι η εταιρεία βρισκόταν στο χείλος της καταστροφής.

Κάτω στο δρόμο, τα αυτοκίνητα σταματούσαν στα φανάρια και οι υπάλληλοι έβγαιναν βιαστικά από τις πόρτες των τραπεζών. Ένας αστυνομικός στεκόταν στη γωνία.

«Αν δεν αποσυρθής ως την Τρίτη, δεν θα ξαναδής το φως της ημέρας». Τα λόγια ήταν γραμμένα με γράμματα κομμένα από εφημερίδες.

Εκείνη τη στιγμή χτύπησε το τηλέφωνο. Ήταν η Μαίρη, η γυναίκα του. Του έλεγε ότι το αυτοκίνητο τον περίμενε και ότι είχαν καλεσμένους για το δείπνο.

ΤΗΝ ΤΡΙΤΗΝ: Η συνέχεια.
ΕΝΑ ΣΥΓΚΛΟΝΙΣΤΙΚΟ ΜΥΘΙΣΤΟΡΗΜΑ
Το ξίφος
ΤΟΥ ΙΤΑΛΟΥ ΣΥΓΓΡΑΦΕΩΣ ΤΖΙΝΟ ΜΟΝΚΟ
26ον

— Δεν σε πάω εκεί πέρα, είπε. Δεν ξέρεις τι σε περιμένει. Το ξίφος του πατέρα μου είναι κρυμμένο εκεί όπου κανείς δεν μπορεί να το βρη.

— Θα έρθω μαζί σου, απάντησε η κοπέλα. Δεν φοβάμαι. Εδώ μέσα είμαι πιο φυλακισμένη απ' ό,τι αν με έκλειναν στα μπουντρούμια του κάστρου.

Ο ιππότης την κοίταξε για πολλή ώρα. Τα μάτια της έλαμπαν στο φως του δαυλού. Ύστερα γύρισε και άνοιξε την πόρτα που οδηγούσε στις σκάλες.

— Εντάξει λοιπόν, είπε. Αλλά αν σου συμβή κάτι, θα με βαραίνη για όλη μου τη ζωή. Πήρε το ραβδί του και άρχισαν να κατεβαίνουν.

Τα σκαλοπάτια ήταν υγρά και γλιστερά. Κάπου μακριά ακουγόταν νερό που έσταζε. Η κοπέλα κρατούσε το μανίκι του ιππότη και προχωρούσε σιωπηλή.

Στο τέλος της σκάλας βρέθηκαν μπροστά σε μια σιδερένια πόρτα. Ο ιππότης έβγαλε ένα μεγάλο κλειδί από τη ζώνη του και το έβαλε στην κλειδαριά.

— Τώρα θα δης, ψιθύρισε. Η πόρτα άνοιξε με ένα μακρύ τρίξιμο και μέσα στο σκοτάδι φάνηκε κάτι να λάμπει.

Ήταν το ξίφος. Στεκόταν καρφωμένο σε μια πέτρα, ακριβώς όπως το είχε περιγράψει ο γέρος στο πανδοχείο. Η λαβή του ήταν στολισμένη με πολύτιμους λίθους.

— Μην το αγγίξης, είπε ο ιππότης. Κανείς δεν ξέρει τι θα συμβή. Ο πατέρας μου πέθανε την ημέρα που το έβγαλε από τη θήκη του.

Αλλά η κοπέλα είχε ήδη κάνει ένα βήμα μπροστά. Το χέρι της απλώθηκε αργά προς τη λαβή. Στο δωμάτιο απλώθηκε μια παράξενη σιωπή.

Από μακριά ακούστηκαν βήματα. Κάποιος κατέβαινε τη σκάλα. Ο ιππότης γύρισε απότομα και τράβηξε το δικό του σπαθί.

— Κρύψου, φώναξε. Αλλά ήταν πια αργά. Στην πόρτα φάνηκε η σκιά ενός ψηλού ανθρώπου με μαύρο μανδύα.

Στο τέλος της σκάλας βρέθηκαν μπροστά σε μια σιδερένια πόρτα. Ο ιππότης έβγαλε ένα μεγάλο κλειδί από τη ζώνη του και το έβαλε στην κλειδαριά.

— Τώρα θα δης, ψιθύρισε. Η πόρτα άνοιξε με ένα μακρύ τρίξιμο και μέσα στο σκοτάδι φάνηκε κάτι να λάμπει.

Ήταν το ξίφος. Στεκόταν καρφωμένο σε μια πέτρα, ακριβώς όπως το είχε περιγράψει ο γέρος στο πανδοχείο. Η λαβή του ήταν στολισμένη με πολύτιμους λίθους.

— Μην το αγγίξης, είπε ο ιππότης. Κανείς δεν ξέρει τι θα συμβή. Ο πατέρας μου πέθανε την ημέρα που το έβγαλε από τη θήκη του.

Αλλά η κοπέλα είχε ήδη κάνει ένα βήμα μπροστά. Το χέρι της απλώθηκε αργά προς τη λαβή. Στο δωμάτιο απλώθηκε μια παράξενη σιωπή.

Από μακριά ακούστηκαν βήματα. Κάποιος κατέβαινε τη σκάλα. Ο ιππότης γύρισε απότομα και τράβηξε το δικό του σπαθί.

— Κρύψου, φώναξε. Αλλά ήταν πια αργά. Στην πόρτα φάνηκε η σκιά ενός ψηλού ανθρώπου με μαύρο μανδύα.

— Δεν σε πάω εκεί πέρα, είπε. Δεν ξέρεις τι σε περιμένει. Το ξίφος του πατέρα μου είναι κρυμμένο εκεί όπου κανείς δεν μπορεί να το βρη.

— Θα έρθω μαζί σου, απάντησε η κοπέλα. Δεν φοβάμαι. Εδώ μέσα είμαι πιο φυλακισμένη απ' ό,τι αν με έκλειναν στα μπουντρούμια του κάστρου.

Ο ιππότης την κοίταξε για πολλή ώρα. Τα μάτια της έλαμπαν στο φως του δαυλού. Ύστερα γύρισε και άνοιξε την πόρτα που οδηγούσε στις σκάλες.

— Εντάξει λοιπόν, είπε. Αλλά αν σου συμβή κάτι, θα με βαραίνη για όλη μου τη ζωή. Πήρε το ραβδί του και άρχισαν να κατεβαίνουν.

Τα σκαλοπάτια ήταν υγρά και γλιστερά. Κάπου μακριά ακουγόταν νερό που έσταζε. Η κοπέλα κρατούσε το μανίκι του ιππότη και προχωρούσε σιωπηλή.

Στο τέλος της σκάλας βρέθηκαν μπροστά σε μια σιδερένια πόρτα. Ο ιππότης έβγαλε ένα μεγάλο κλειδί από τη ζώνη του και το έβαλε στην κλειδαριά.

— Τώρα θα δης, ψιθύρισε. Η πόρτα άνοιξε με ένα μακρύ τρίξιμο και μέσα στο σκοτάδι φάνηκε κάτι να λάμπει.

Ήταν το ξίφος. Στεκόταν καρφωμένο σε μια πέτρα, ακριβώς όπως το είχε περιγράψει ο γέρος στο πανδοχείο. Η λαβή του ήταν στολισμένη με πολύτιμους λίθους.

— Μην το αγγίξης, είπε ο ιππότης. Κανείς δεν ξέρει τι θα συμβή. Ο πατέρας μου πέθανε την ημέρα που το έβγαλε από τη θήκη του.

Αλλά η κοπέλα είχε ήδη κάνει ένα βήμα μπροστά. Το χέρι της απλώθηκε αργά προς τη λαβή. Στο δωμάτιο απλώθηκε μια παράξενη σιωπή.

Από μακριά ακούστηκαν βήματα. Κάποιος κατέβαινε τη σκάλα. Ο ιππότης γύρισε απότομα και τράβηξε το δικό του σπαθί.

— Κρύψου, φώναξε. Αλλά ήταν πια αργά. Στην πόρτα φάνηκε η σκιά ενός ψηλού ανθρώπου με μαύρο μανδύα.

— Δεν σε πάω εκεί πέρα, είπε. Δεν ξέρεις τι σε περιμένει. Το ξίφος του πατέρα μου είναι κρυμμένο εκεί όπου κανείς δεν μπορεί να το βρη.

— Θα έρθω μαζί σου, απάντησε η κοπέλα. Δεν φοβάμαι. Εδώ μέσα είμαι πιο φυλακισμένη απ' ό,τι αν με έκλειναν στα μπουντρούμια του κάστρου.

Ο ιππότης την κοίταξε για πολλή ώρα. Τα μάτια της έλαμπαν στο φως του δαυλού. Ύστερα γύρισε και άνοιξε την πόρτα που οδηγούσε στις σκάλες.

— Εντάξει λοιπόν, είπε. Αλλά αν σου συμβή κάτι, θα με βαραίνη για όλη μου τη ζωή. Πήρε το ραβδί του και άρχισαν να κατεβαίνουν.

Τα σκαλοπάτια ήταν υγρά και γλιστερά. Κάπου μακριά ακουγόταν νερό που έσταζε. Η κοπέλα κρατούσε το μανίκι του ιππότη και προχωρούσε σιωπηλή.

Στο τέλος της σκάλας βρέθηκαν μπροστά σε μια σιδερένια πόρτα. Ο ιππότης έβγαλε ένα μεγάλο κλειδί από τη ζώνη του και το έβαλε στην κλειδαριά.

— Τώρα θα δης, ψιθύρισε. Η πόρτα άνοιξε με ένα μακρύ τρίξιμο και μέσα στο σκοτάδι φάνηκε κάτι να λάμπει.

Ήταν το ξίφος. Στεκόταν καρφωμένο σε μια πέτρα, ακριβώς όπως το είχε περιγράψει ο γέρος στο πανδοχείο. Η λαβή του ήταν στολισμένη με πολύτιμους λίθους.

— Μην το αγγίξης, είπε ο ιππότης. Κανείς δεν ξέρει τι θα συμβή. Ο πατέρας μου πέθανε την ημέρα που το έβγαλε από τη θήκη του.

Αλλά η κοπέλα είχε ήδη κάνει ένα βήμα μπροστά. Το χέρι της απλώθηκε αργά προς τη λαβή. Στο δωμάτιο απλώθηκε μια παράξενη σιωπή.

Από μακριά ακούστηκαν βήματα. Κάποιος κατέβαινε τη σκάλα. Ο ιππότης γύρισε απότομα και τράβηξε το δικό του σπαθί.

— Κρύψου, φώναξε. Αλλά ήταν πια αργά. Στην πόρτα φάνηκε η σκιά ενός ψηλού ανθρώπου με μαύρο μανδύα.

— Δεν σε πάω εκεί πέρα, είπε. Δεν ξέρεις τι σε περιμένει. Το ξίφος του πατέρα μου είναι κρυμμένο εκεί όπου κανείς δεν μπορεί να το βρη.

— Θα έρθω μαζί σου, απάντησε η κοπέλα. Δεν φοβάμαι. Εδώ μέσα είμαι πιο φυλακισμένη απ' ό,τι αν με έκλειναν στα μπουντρούμια του κάστρου.

Ο ιππότης την κοίταξε για πολλή ώρα. Τα μάτια της έλαμπαν στο φως του δαυλού. Ύστερα γύρισε και άνοιξε την πόρτα που οδηγούσε στις σκάλες.

— Εντάξει λοιπόν, είπε. Αλλά αν σου συμβή κάτι, θα με βαραίνη για όλη μου τη ζωή. Πήρε το ραβδί του και άρχισαν να κατεβαίνουν.

Τα σκαλοπάτια ήταν υγρά και γλιστερά. Κάπου μακριά ακουγόταν νερό που έσταζε. Η κοπέλα κρατούσε το μανίκι του ιππότη και προχωρούσε σιωπηλή.

Στο τέλος της σκάλας βρέθηκαν μπροστά σε μια σιδερένια πόρτα. Ο ιππότης έβγαλε ένα μεγάλο κλειδί από τη ζώνη του και το έβαλε στην κλειδαριά.

— Τώρα θα δης, ψιθύρισε. Η πόρτα άνοιξε με ένα μακρύ τρίξιμο και μέσα στο σκοτάδι φάνηκε κάτι να λάμπει.

Ήταν το ξίφος. Στεκόταν καρφωμένο σε μια πέτρα, ακριβώς όπως το είχε περιγράψει ο γέρος στο πανδοχείο. Η λαβή του ήταν στολισμένη με πολύτιμους λίθους.

(Συνεχίζεται)
